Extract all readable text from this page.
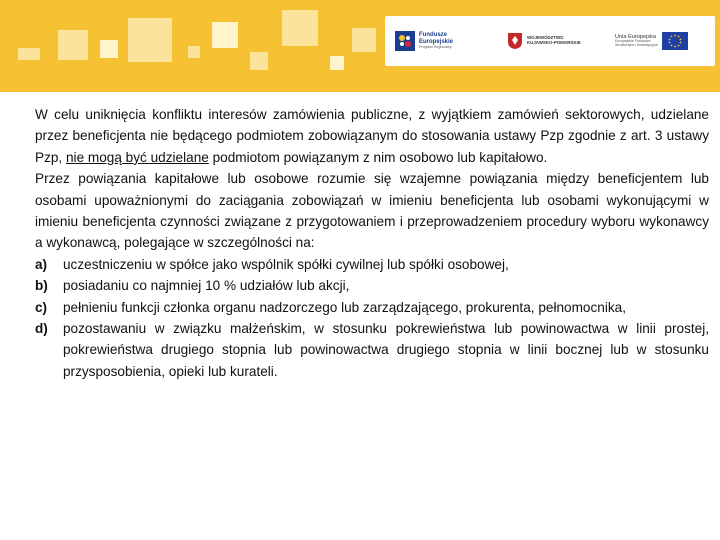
Fundusze
Europejskie
Program Regionalny
WOJEWÓDZTWO
KUJAWSKO-POMORSKIE
Unia Europejska
Europejskie Fundusze
Strukturalne i Inwestycyjne

W celu uniknięcia konfliktu interesów zamówienia publiczne, z wyjątkiem zamówień sektorowych, udzielane przez beneficjenta nie będącego podmiotem zobowiązanym do stosowania ustawy Pzp zgodnie z art. 3 ustawy Pzp, nie mogą być udzielane podmiotom powiązanym z nim osobowo lub kapitałowo.

Przez powiązania kapitałowe lub osobowe rozumie się wzajemne powiązania między beneficjentem lub osobami upoważnionymi do zaciągania zobowiązań w imieniu beneficjenta lub osobami wykonującymi w imieniu beneficjenta czynności związane z przygotowaniem i przeprowadzeniem procedury wyboru wykonawcy a wykonawcą, polegające w szczególności na:

a) uczestniczeniu w spółce jako wspólnik spółki cywilnej lub spółki osobowej,
b) posiadaniu co najmniej 10 % udziałów lub akcji,
c) pełnieniu funkcji członka organu nadzorczego lub zarządzającego, prokurenta, pełnomocnika,
d) pozostawaniu w związku małżeńskim, w stosunku pokrewieństwa lub powinowactwa w linii prostej, pokrewieństwa drugiego stopnia lub powinowactwa drugiego stopnia w linii bocznej lub w stosunku przysposobienia, opieki lub kurateli.
